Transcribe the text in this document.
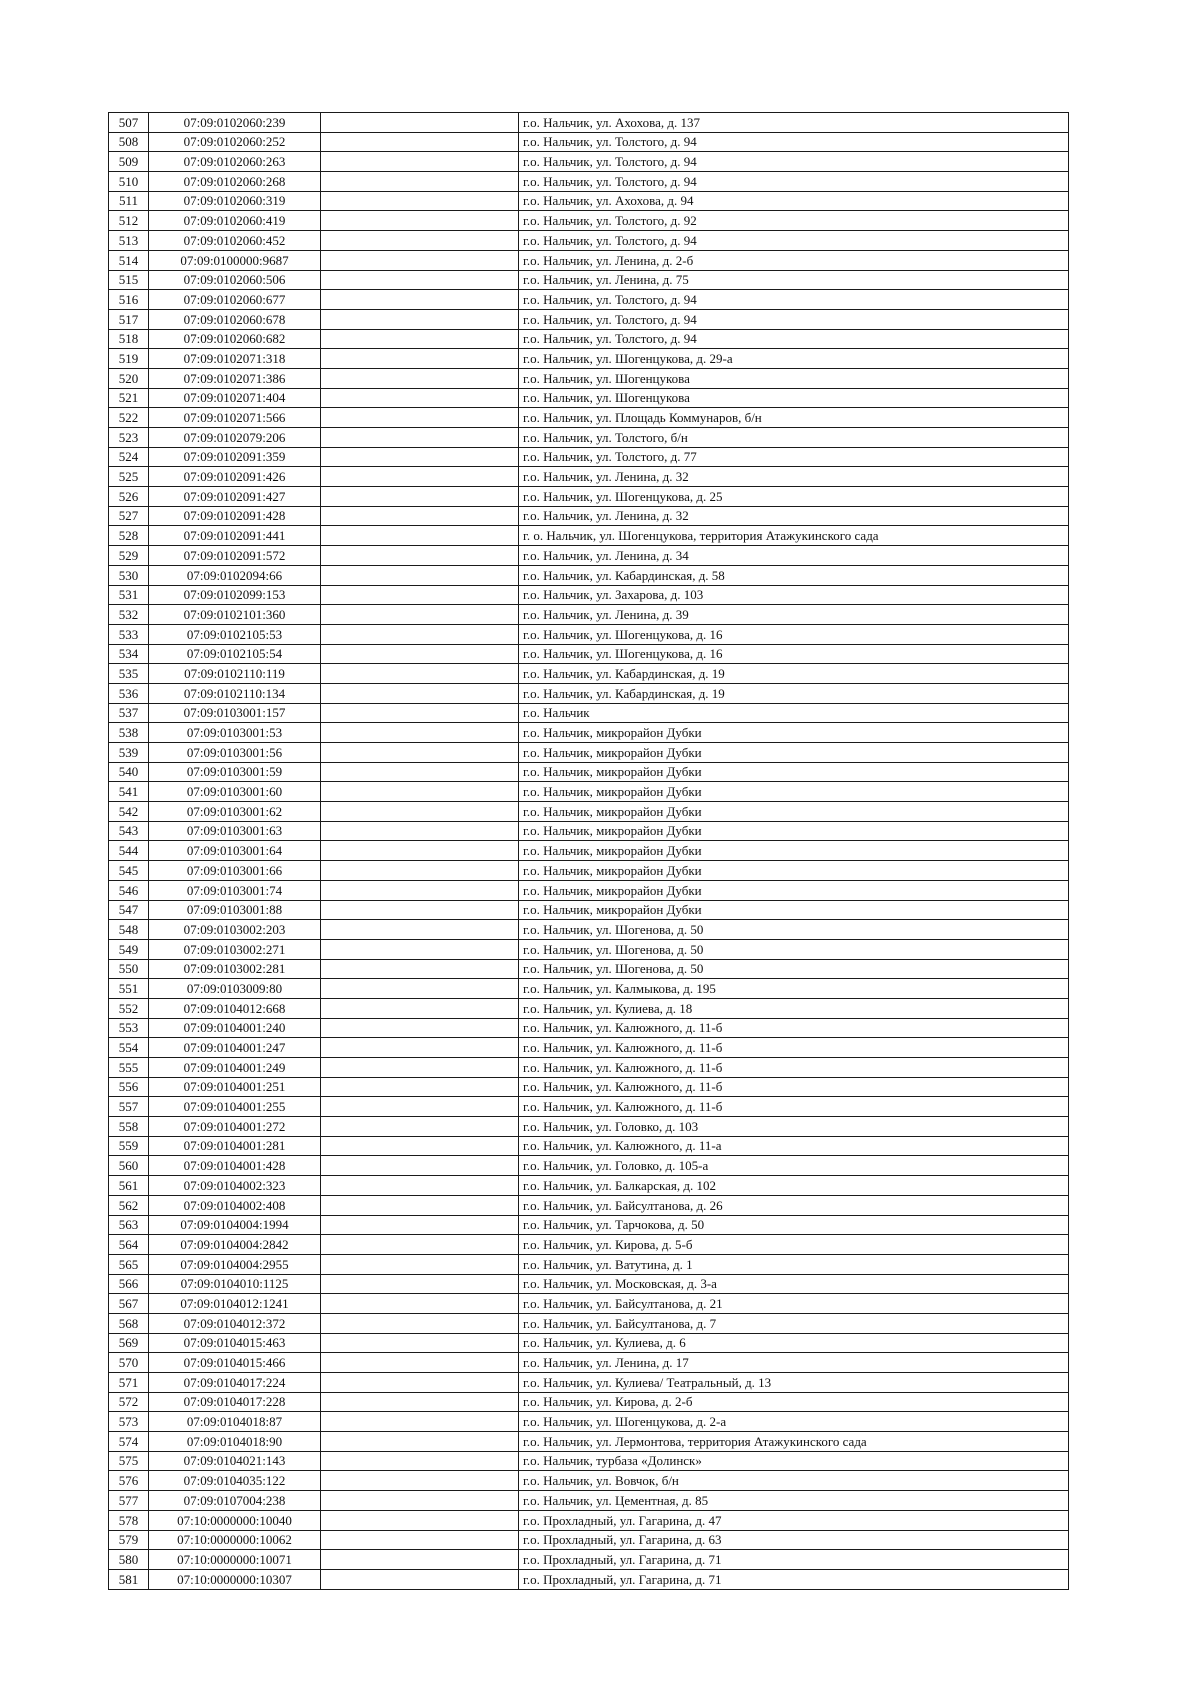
507	07:09:0102060:239		г.о. Нальчик, ул. Ахохова, д. 137
508	07:09:0102060:252		г.о. Нальчик, ул. Толстого, д. 94
509	07:09:0102060:263		г.о. Нальчик, ул. Толстого, д. 94
510	07:09:0102060:268		г.о. Нальчик, ул. Толстого, д. 94
511	07:09:0102060:319		г.о. Нальчик, ул. Ахохова, д. 94
512	07:09:0102060:419		г.о. Нальчик, ул. Толстого, д. 92
513	07:09:0102060:452		г.о. Нальчик, ул. Толстого, д. 94
514	07:09:0100000:9687		г.о. Нальчик, ул. Ленина, д. 2-б
515	07:09:0102060:506		г.о. Нальчик, ул. Ленина, д. 75
516	07:09:0102060:677		г.о. Нальчик, ул. Толстого, д. 94
517	07:09:0102060:678		г.о. Нальчик, ул. Толстого, д. 94
518	07:09:0102060:682		г.о. Нальчик, ул. Толстого, д. 94
519	07:09:0102071:318		г.о. Нальчик, ул. Шогенцукова, д. 29-а
520	07:09:0102071:386		г.о. Нальчик, ул. Шогенцукова
521	07:09:0102071:404		г.о. Нальчик, ул. Шогенцукова
522	07:09:0102071:566		г.о. Нальчик, ул. Площадь Коммунаров, б/н
523	07:09:0102079:206		г.о. Нальчик, ул. Толстого, б/н
524	07:09:0102091:359		г.о. Нальчик, ул. Толстого, д. 77
525	07:09:0102091:426		г.о. Нальчик, ул. Ленина, д. 32
526	07:09:0102091:427		г.о. Нальчик, ул. Шогенцукова, д. 25
527	07:09:0102091:428		г.о. Нальчик, ул. Ленина, д. 32
528	07:09:0102091:441		г. о. Нальчик, ул. Шогенцукова, территория Атажукинского сада
529	07:09:0102091:572		г.о. Нальчик, ул. Ленина, д. 34
530	07:09:0102094:66		г.о. Нальчик, ул. Кабардинская, д. 58
531	07:09:0102099:153		г.о. Нальчик, ул. Захарова, д. 103
532	07:09:0102101:360		г.о. Нальчик, ул. Ленина, д. 39
533	07:09:0102105:53		г.о. Нальчик, ул. Шогенцукова, д. 16
534	07:09:0102105:54		г.о. Нальчик, ул. Шогенцукова, д. 16
535	07:09:0102110:119		г.о. Нальчик, ул. Кабардинская, д. 19
536	07:09:0102110:134		г.о. Нальчик, ул. Кабардинская, д. 19
537	07:09:0103001:157		г.о. Нальчик
538	07:09:0103001:53		г.о. Нальчик, микрорайон Дубки
539	07:09:0103001:56		г.о. Нальчик, микрорайон Дубки
540	07:09:0103001:59		г.о. Нальчик, микрорайон Дубки
541	07:09:0103001:60		г.о. Нальчик, микрорайон Дубки
542	07:09:0103001:62		г.о. Нальчик, микрорайон Дубки
543	07:09:0103001:63		г.о. Нальчик, микрорайон Дубки
544	07:09:0103001:64		г.о. Нальчик, микрорайон Дубки
545	07:09:0103001:66		г.о. Нальчик, микрорайон Дубки
546	07:09:0103001:74		г.о. Нальчик, микрорайон Дубки
547	07:09:0103001:88		г.о. Нальчик, микрорайон Дубки
548	07:09:0103002:203		г.о. Нальчик, ул. Шогенова, д. 50
549	07:09:0103002:271		г.о. Нальчик, ул. Шогенова, д. 50
550	07:09:0103002:281		г.о. Нальчик, ул. Шогенова, д. 50
551	07:09:0103009:80		г.о. Нальчик, ул. Калмыкова, д. 195
552	07:09:0104012:668		г.о. Нальчик, ул. Кулиева, д. 18
553	07:09:0104001:240		г.о. Нальчик, ул. Калюжного, д. 11-б
554	07:09:0104001:247		г.о. Нальчик, ул. Калюжного, д. 11-б
555	07:09:0104001:249		г.о. Нальчик, ул. Калюжного, д. 11-б
556	07:09:0104001:251		г.о. Нальчик, ул. Калюжного, д. 11-б
557	07:09:0104001:255		г.о. Нальчик, ул. Калюжного, д. 11-б
558	07:09:0104001:272		г.о. Нальчик, ул. Головко, д. 103
559	07:09:0104001:281		г.о. Нальчик, ул. Калюжного, д. 11-а
560	07:09:0104001:428		г.о. Нальчик, ул. Головко, д. 105-а
561	07:09:0104002:323		г.о. Нальчик, ул. Балкарская, д. 102
562	07:09:0104002:408		г.о. Нальчик, ул. Байсултанова, д. 26
563	07:09:0104004:1994		г.о. Нальчик, ул. Тарчокова, д. 50
564	07:09:0104004:2842		г.о. Нальчик, ул. Кирова, д. 5-б
565	07:09:0104004:2955		г.о. Нальчик, ул. Ватутина, д. 1
566	07:09:0104010:1125		г.о. Нальчик, ул. Московская, д. 3-а
567	07:09:0104012:1241		г.о. Нальчик, ул. Байсултанова, д. 21
568	07:09:0104012:372		г.о. Нальчик, ул. Байсултанова, д. 7
569	07:09:0104015:463		г.о. Нальчик, ул. Кулиева, д. 6
570	07:09:0104015:466		г.о. Нальчик, ул. Ленина, д. 17
571	07:09:0104017:224		г.о. Нальчик, ул. Кулиева/ Театральный, д. 13
572	07:09:0104017:228		г.о. Нальчик, ул. Кирова, д. 2-б
573	07:09:0104018:87		г.о. Нальчик, ул. Шогенцукова, д. 2-а
574	07:09:0104018:90		г.о. Нальчик, ул. Лермонтова, территория Атажукинского сада
575	07:09:0104021:143		г.о. Нальчик, турбаза «Долинск»
576	07:09:0104035:122		г.о. Нальчик, ул. Вовчок, б/н
577	07:09:0107004:238		г.о. Нальчик, ул. Цементная, д. 85
578	07:10:0000000:10040		г.о. Прохладный, ул. Гагарина, д. 47
579	07:10:0000000:10062		г.о. Прохладный, ул. Гагарина, д. 63
580	07:10:0000000:10071		г.о. Прохладный, ул. Гагарина, д. 71
581	07:10:0000000:10307		г.о. Прохладный, ул. Гагарина, д. 71
